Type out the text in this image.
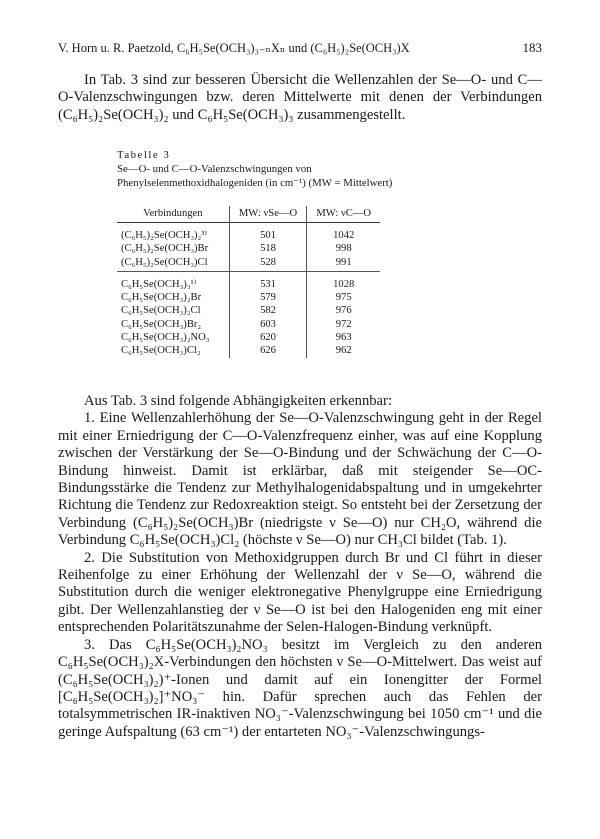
V. Horn u. R. Paetzold, C₆H₅Se(OCH₃)₃₋ₙXₙ und (C₆H₅)₂Se(OCH₃)X	183
In Tab. 3 sind zur besseren Übersicht die Wellenzahlen der Se—O- und C—O-Valenzschwingungen bzw. deren Mittelwerte mit denen der Verbindungen (C₆H₅)₂Se(OCH₃)₂ und C₆H₅Se(OCH₃)₃ zusammengestellt.
Tabelle 3
Se—O- und C—O-Valenzschwingungen von Phenylselenmethoxidhalogeniden (in cm⁻¹) (MW = Mittelwert)
Verbindungen	MW: νSe—O	MW: νC—O
(C₆H₅)₂Se(OCH₃)₂³⁾	501	1042
(C₆H₅)₂Se(OCH₃)Br	518	998
(C₆H₅)₂Se(OCH₃)Cl	528	991
C₆H₅Se(OCH₃)₃¹⁾	531	1028
C₆H₅Se(OCH₃)₂Br	579	975
C₆H₅Se(OCH₃)₂Cl	582	976
C₆H₅Se(OCH₃)Br₂	603	972
C₆H₅Se(OCH₃)₂NO₃	620	963
C₆H₅Se(OCH₃)Cl₂	626	962

Aus Tab. 3 sind folgende Abhängigkeiten erkennbar:

1. Eine Wellenzahlerhöhung der Se—O-Valenzschwingung geht in der Regel mit einer Erniedrigung der C—O-Valenzfrequenz einher, was auf eine Kopplung zwischen der Verstärkung der Se—O-Bindung und der Schwächung der C—O-Bindung hinweist. Damit ist erklärbar, daß mit steigender Se—OC-Bindungsstärke die Tendenz zur Methylhalogenidabspaltung und in umgekehrter Richtung die Tendenz zur Redoxreaktion steigt. So entsteht bei der Zersetzung der Verbindung (C₆H₅)₂Se(OCH₃)Br (niedrigste ν Se—O) nur CH₂O, während die Verbindung C₆H₅Se(OCH₃)Cl₂ (höchste ν Se—O) nur CH₃Cl bildet (Tab. 1).

2. Die Substitution von Methoxidgruppen durch Br und Cl führt in dieser Reihenfolge zu einer Erhöhung der Wellenzahl der ν Se—O, während die Substitution durch die weniger elektronegative Phenylgruppe eine Erniedrigung gibt. Der Wellenzahlanstieg der ν Se—O ist bei den Halogeniden eng mit einer entsprechenden Polaritätszunahme der Selen-Halogen-Bindung verknüpft.

3. Das C₆H₅Se(OCH₃)₂NO₃ besitzt im Vergleich zu den anderen C₆H₅Se(OCH₃)₂X-Verbindungen den höchsten ν Se—O-Mittelwert. Das weist auf (C₆H₅Se(OCH₃)₂)⁺-Ionen und damit auf ein Ionengitter der Formel [C₆H₅Se(OCH₃)₂]⁺NO₃⁻ hin. Dafür sprechen auch das Fehlen der totalsymmetrischen IR-inaktiven NO₃⁻-Valenzschwingung bei 1050 cm⁻¹ und die geringe Aufspaltung (63 cm⁻¹) der entarteten NO₃⁻-Valenzschwingungs-
